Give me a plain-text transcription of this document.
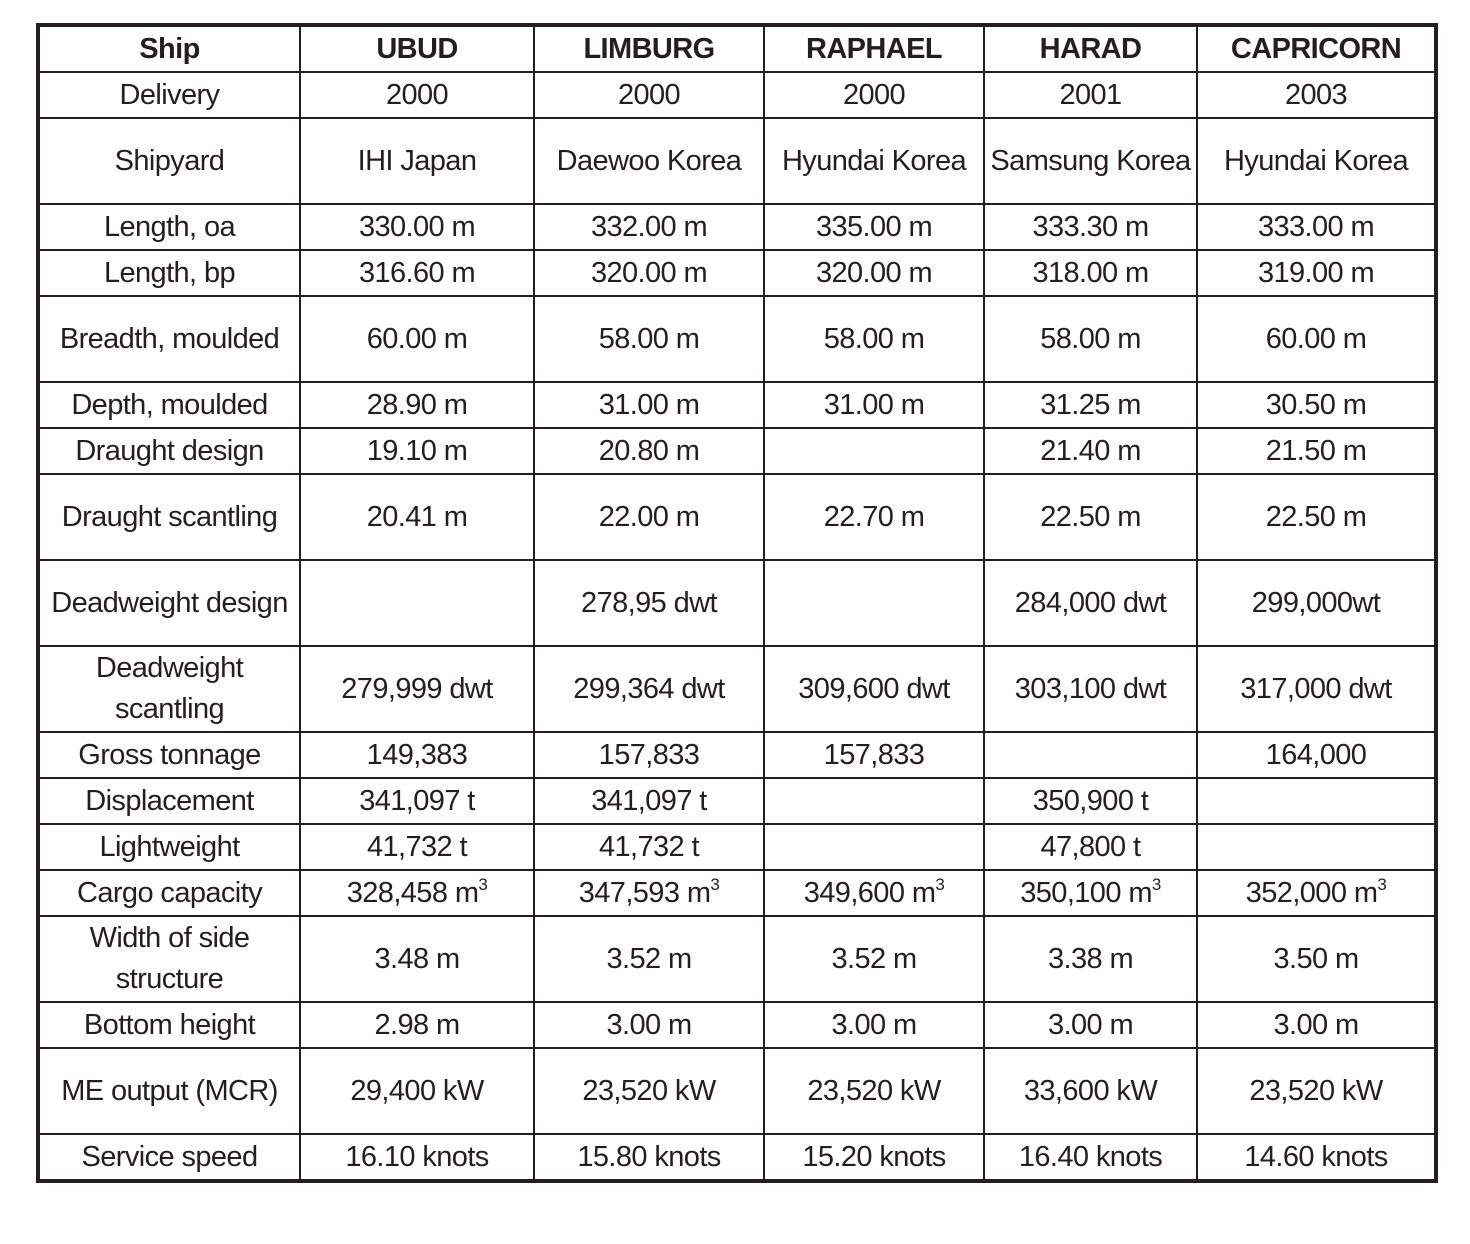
Ship	UBUD	LIMBURG	RAPHAEL	HARAD	CAPRICORN
Delivery	2000	2000	2000	2001	2003
Shipyard	IHI Japan	Daewoo Korea	Hyundai Korea	Samsung Korea	Hyundai Korea
Length, oa	330.00 m	332.00 m	335.00 m	333.30 m	333.00 m
Length, bp	316.60 m	320.00 m	320.00 m	318.00 m	319.00 m
Breadth, moulded	60.00 m	58.00 m	58.00 m	58.00 m	60.00 m
Depth, moulded	28.90 m	31.00 m	31.00 m	31.25 m	30.50 m
Draught design	19.10 m	20.80 m		21.40 m	21.50 m
Draught scantling	20.41 m	22.00 m	22.70 m	22.50 m	22.50 m
Deadweight design		278,95 dwt		284,000 dwt	299,000wt
Deadweight scantling	279,999 dwt	299,364 dwt	309,600 dwt	303,100 dwt	317,000 dwt
Gross tonnage	149,383	157,833	157,833		164,000
Displacement	341,097 t	341,097 t		350,900 t	
Lightweight	41,732 t	41,732 t		47,800 t	
Cargo capacity	328,458 $m^3$	347,593 $m^3$	349,600 $m^3$	350,100 $m^3$	352,000 $m^3$
Width of side structure	3.48 m	3.52 m	3.52 m	3.38 m	3.50 m
Bottom height	2.98 m	3.00 m	3.00 m	3.00 m	3.00 m
ME output (MCR)	29,400 kW	23,520 kW	23,520 kW	33,600 kW	23,520 kW
Service speed	16.10 knots	15.80 knots	15.20 knots	16.40 knots	14.60 knots
